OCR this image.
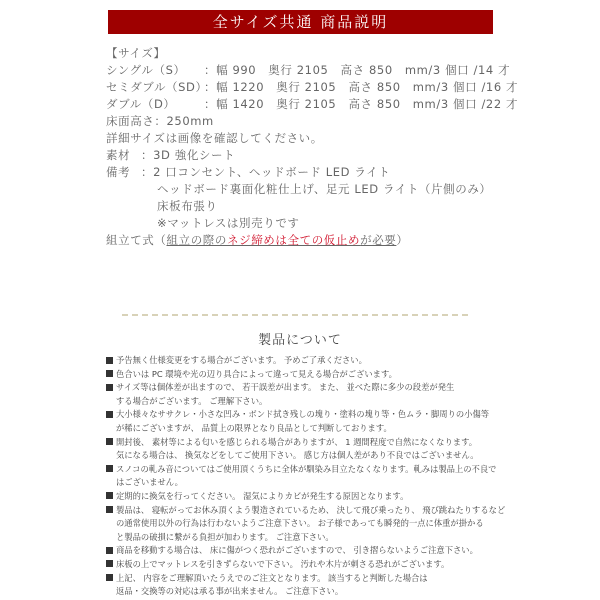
全サイズ共通 商品説明
【サイズ】
シングル（S） ：幅 990　奥行 2105　高さ 850　mm/3 個口 /14 才
セミダブル（SD）：幅 1220　奥行 2105　高さ 850　mm/3 個口 /16 才
ダブル（D） ：幅 1420　奥行 2105　高さ 850　mm/3 個口 /22 才
床面高さ：250mm
詳細サイズは画像を確認してください。
素材 ：3D 強化シート
備考 ：2 口コンセント、ヘッドボード LED ライト
ヘッドボード裏面化粧仕上げ、足元 LED ライト（片側のみ）
床板布張り
※マットレスは別売りです
組立て式（組立の際のネジ締めは全ての仮止めが必要）
製品について
予告無く仕様変更をする場合がございます。 予めご了承ください。
色合いは PC 環境や光の辺り具合によって違って見える場合がございます。
サイズ等は個体差が出ますので、 若干誤差が出ます。 また、 並べた際に多少の段差が発生
する場合がございます。 ご理解下さい。
大小様々なササクレ・小さな凹み・ボンド拭き残しの塊り・塗料の塊り等・色ムラ・脚周りの小傷等
が稀にございますが、 品質上の限界となり良品として判断しております。
開封後、 素材等による匂いを感じられる場合がありますが、 1 週間程度で自然になくなります。
気になる場合は、 換気などをしてご使用下さい。 感じ方は個人差があり不良ではございません。
スノコの軋み音についてはご使用頂くうちに全体が馴染み目立たなくなります。軋みは製品上の不良で
はございません。
定期的に換気を行ってください。 湿気によりカビが発生する原因となります。
製品は、 寝転がってお休み頂くよう製造されているため、 決して飛び乗ったり、 飛び跳ねたりするなど
の通常使用以外の行為は行わないようご注意下さい。 お子様であっても瞬発的一点に体重が掛かる
と製品の破損に繋がる負担が加わります。 ご注意下さい。
商品を移動する場合は、 床に傷がつく恐れがございますので、 引き摺らないようご注意下さい。
床板の上でマットレスを引きずらないで下さい。 汚れや木片が刺さる恐れがございます。
上記、 内容をご理解頂いたうえでのご注文となります。 該当すると判断した場合は
返品・交換等の対応は承る事が出来ません。 ご注意下さい。
